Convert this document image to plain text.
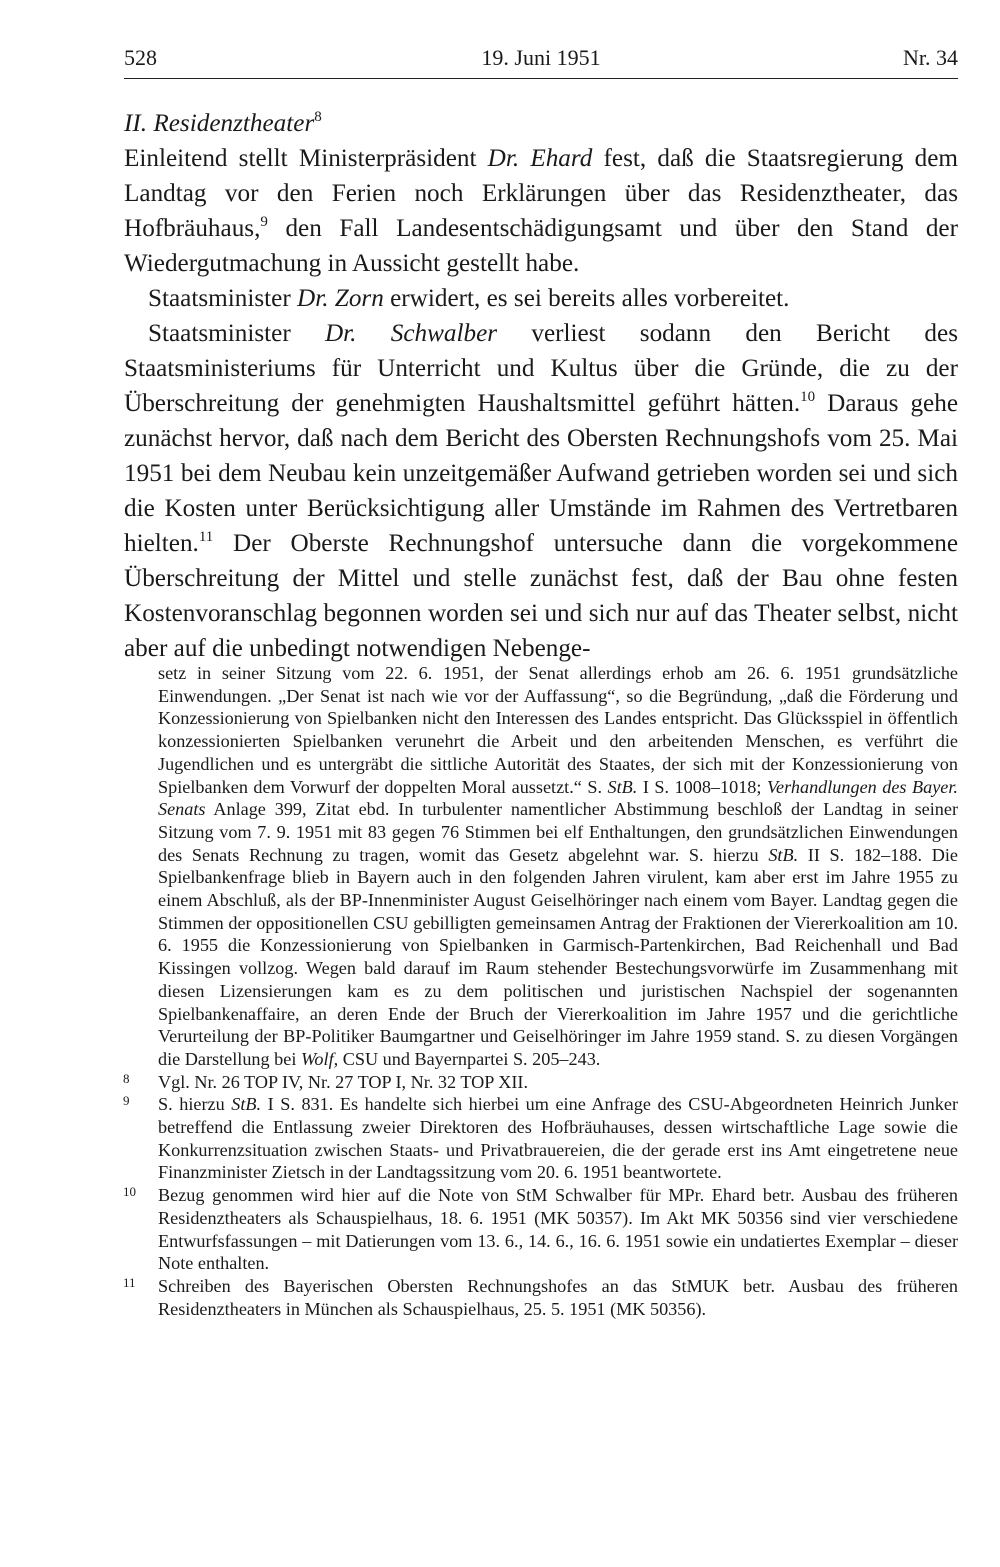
528	19. Juni 1951	Nr. 34

II. Residenztheater$^8$

Einleitend stellt Ministerpräsident Dr. Ehard fest, daß die Staatsregierung dem Landtag vor den Ferien noch Erklärungen über das Residenztheater, das Hofbräuhaus,$^9$ den Fall Landesentschädigungsamt und über den Stand der Wiedergutmachung in Aussicht gestellt habe.

Staatsminister Dr. Zorn erwidert, es sei bereits alles vorbereitet.

Staatsminister Dr. Schwalber verliest sodann den Bericht des Staatsministeriums für Unterricht und Kultus über die Gründe, die zu der Überschreitung der genehmigten Haushaltsmittel geführt hätten.$^{10}$ Daraus gehe zunächst hervor, daß nach dem Bericht des Obersten Rechnungshofs vom 25. Mai 1951 bei dem Neubau kein unzeitgemäßer Aufwand getrieben worden sei und sich die Kosten unter Berücksichtigung aller Umstände im Rahmen des Vertretbaren hielten.$^{11}$ Der Oberste Rechnungshof untersuche dann die vorgekommene Überschreitung der Mittel und stelle zunächst fest, daß der Bau ohne festen Kostenvoranschlag begonnen worden sei und sich nur auf das Theater selbst, nicht aber auf die unbedingt notwendigen Nebenge-

setz in seiner Sitzung vom 22. 6. 1951, der Senat allerdings erhob am 26. 6. 1951 grundsätzliche Einwendungen. „Der Senat ist nach wie vor der Auffassung“, so die Begründung, „daß die Förderung und Konzessionierung von Spielbanken nicht den Interessen des Landes entspricht. Das Glücksspiel in öffentlich konzessionierten Spielbanken verunehrt die Arbeit und den arbeitenden Menschen, es verführt die Jugendlichen und es untergräbt die sittliche Autorität des Staates, der sich mit der Konzessionierung von Spielbanken dem Vorwurf der doppelten Moral aussetzt.“ S. StB. I S. 1008–1018; Verhandlungen des Bayer. Senats Anlage 399, Zitat ebd. In turbulenter namentlicher Abstimmung beschloß der Landtag in seiner Sitzung vom 7. 9. 1951 mit 83 gegen 76 Stimmen bei elf Enthaltungen, den grundsätzlichen Einwendungen des Senats Rechnung zu tragen, womit das Gesetz abgelehnt war. S. hierzu StB. II S. 182–188. Die Spielbankenfrage blieb in Bayern auch in den folgenden Jahren virulent, kam aber erst im Jahre 1955 zu einem Abschluß, als der BP-Innenminister August Geiselhöringer nach einem vom Bayer. Landtag gegen die Stimmen der oppositionellen CSU gebilligten gemeinsamen Antrag der Fraktionen der Viererkoalition am 10. 6. 1955 die Konzessionierung von Spielbanken in Garmisch-Partenkirchen, Bad Reichenhall und Bad Kissingen vollzog. Wegen bald darauf im Raum stehender Bestechungsvorwürfe im Zusammenhang mit diesen Lizensierungen kam es zu dem politischen und juristischen Nachspiel der sogenannten Spielbankenaffaire, an deren Ende der Bruch der Viererkoalition im Jahre 1957 und die gerichtliche Verurteilung der BP-Politiker Baumgartner und Geiselhöringer im Jahre 1959 stand. S. zu diesen Vorgängen die Darstellung bei Wolf, CSU und Bayernpartei S. 205–243.

8 Vgl. Nr. 26 TOP IV, Nr. 27 TOP I, Nr. 32 TOP XII.

9 S. hierzu StB. I S. 831. Es handelte sich hierbei um eine Anfrage des CSU-Abgeordneten Heinrich Junker betreffend die Entlassung zweier Direktoren des Hofbräuhauses, dessen wirtschaftliche Lage sowie die Konkurrenzsituation zwischen Staats- und Privatbrauereien, die der gerade erst ins Amt eingetretene neue Finanzminister Zietsch in der Landtagssitzung vom 20. 6. 1951 beantwortete.

10 Bezug genommen wird hier auf die Note von StM Schwalber für MPr. Ehard betr. Ausbau des früheren Residenztheaters als Schauspielhaus, 18. 6. 1951 (MK 50357). Im Akt MK 50356 sind vier verschiedene Entwurfsfassungen – mit Datierungen vom 13. 6., 14. 6., 16. 6. 1951 sowie ein undatiertes Exemplar – dieser Note enthalten.

11 Schreiben des Bayerischen Obersten Rechnungshofes an das StMUK betr. Ausbau des früheren Residenztheaters in München als Schauspielhaus, 25. 5. 1951 (MK 50356).
